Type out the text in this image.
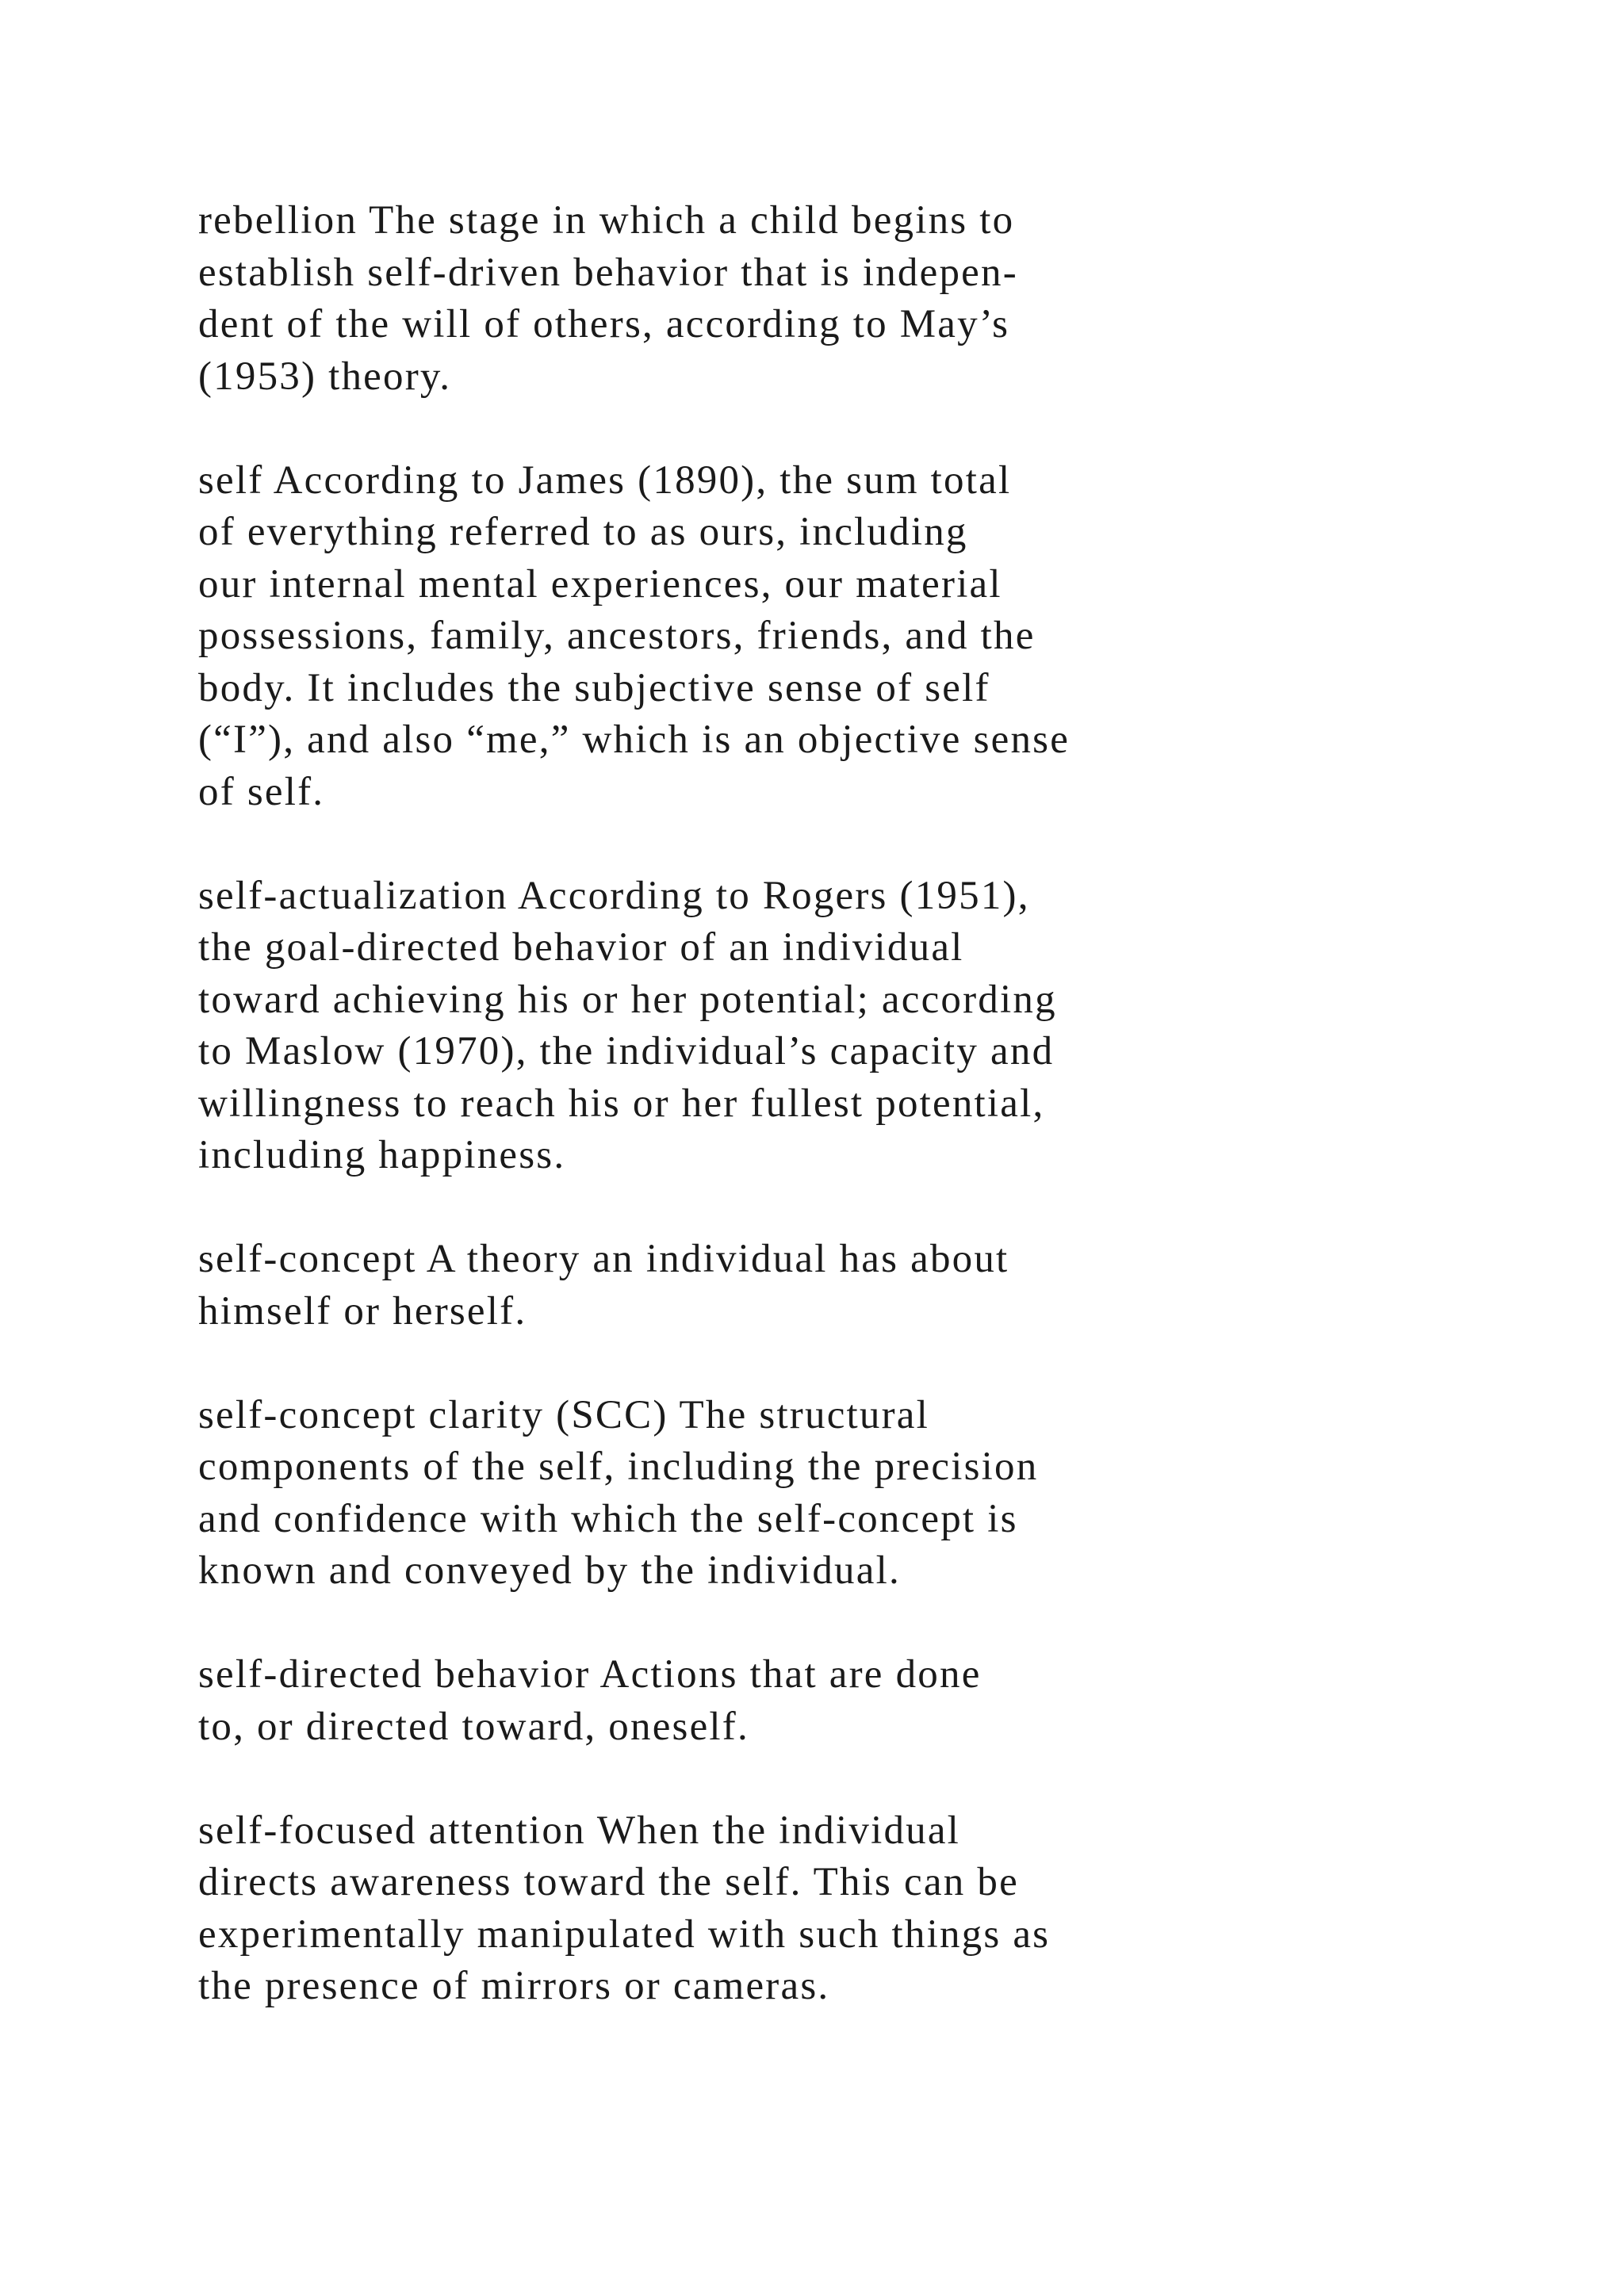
rebellion The stage in which a child begins to
establish self-driven behavior that is indepen-
dent of the will of others, according to May’s
(1953) theory.
self According to James (1890), the sum total
of everything referred to as ours, including
our internal mental experiences, our material
possessions, family, ancestors, friends, and the
body. It includes the subjective sense of self
(“I”), and also “me,” which is an objective sense
of self.
self-actualization According to Rogers (1951),
the goal-directed behavior of an individual
toward achieving his or her potential; according
to Maslow (1970), the individual’s capacity and
willingness to reach his or her fullest potential,
including happiness.
self-concept A theory an individual has about
himself or herself.
self-concept clarity (SCC) The structural
components of the self, including the precision
and confidence with which the self-concept is
known and conveyed by the individual.
self-directed behavior Actions that are done
to, or directed toward, oneself.
self-focused attention When the individual
directs awareness toward the self. This can be
experimentally manipulated with such things as
the presence of mirrors or cameras.
